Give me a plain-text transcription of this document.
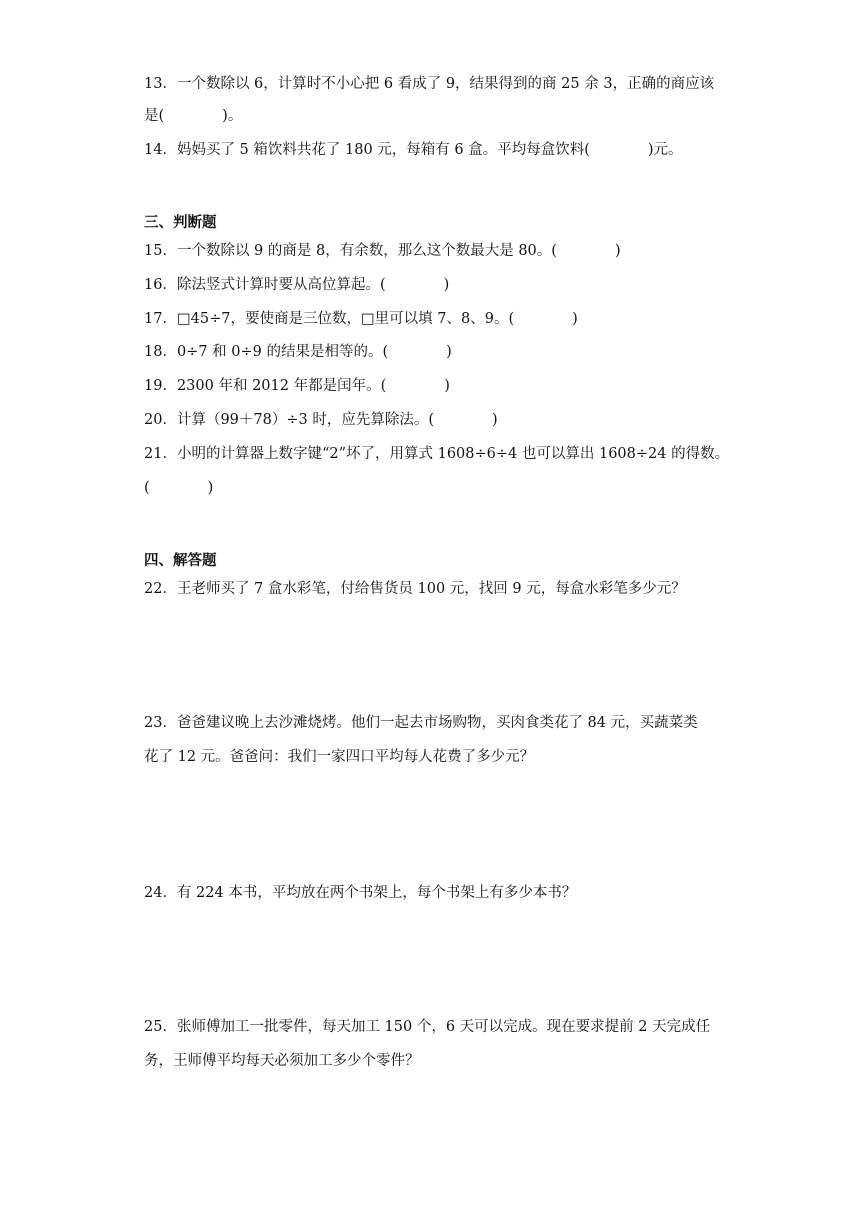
13．一个数除以 6，计算时不小心把 6 看成了 9，结果得到的商 25 余 3，正确的商应该
是(　　　　)。
14．妈妈买了 5 箱饮料共花了 180 元，每箱有 6 盒。平均每盒饮料(　　　　)元。
三、判断题
15．一个数除以 9 的商是 8，有余数，那么这个数最大是 80。(　　　　)
16．除法竖式计算时要从高位算起。(　　　　)
17．□45÷7，要使商是三位数，□里可以填 7、8、9。(　　　　)
18．0÷7 和 0÷9 的结果是相等的。(　　　　)
19．2300 年和 2012 年都是闰年。(　　　　)
20．计算（99＋78）÷3 时，应先算除法。(　　　　)
21．小明的计算器上数字键“2”坏了，用算式 1608÷6÷4 也可以算出 1608÷24 的得数。
(　　　　)
四、解答题
22．王老师买了 7 盒水彩笔，付给售货员 100 元，找回 9 元，每盒水彩笔多少元？
23．爸爸建议晚上去沙滩烧烤。他们一起去市场购物，买肉食类花了 84 元，买蔬菜类
花了 12 元。爸爸问：我们一家四口平均每人花费了多少元？
24．有 224 本书，平均放在两个书架上，每个书架上有多少本书？
25．张师傅加工一批零件，每天加工 150 个，6 天可以完成。现在要求提前 2 天完成任
务，王师傅平均每天必须加工多少个零件？
